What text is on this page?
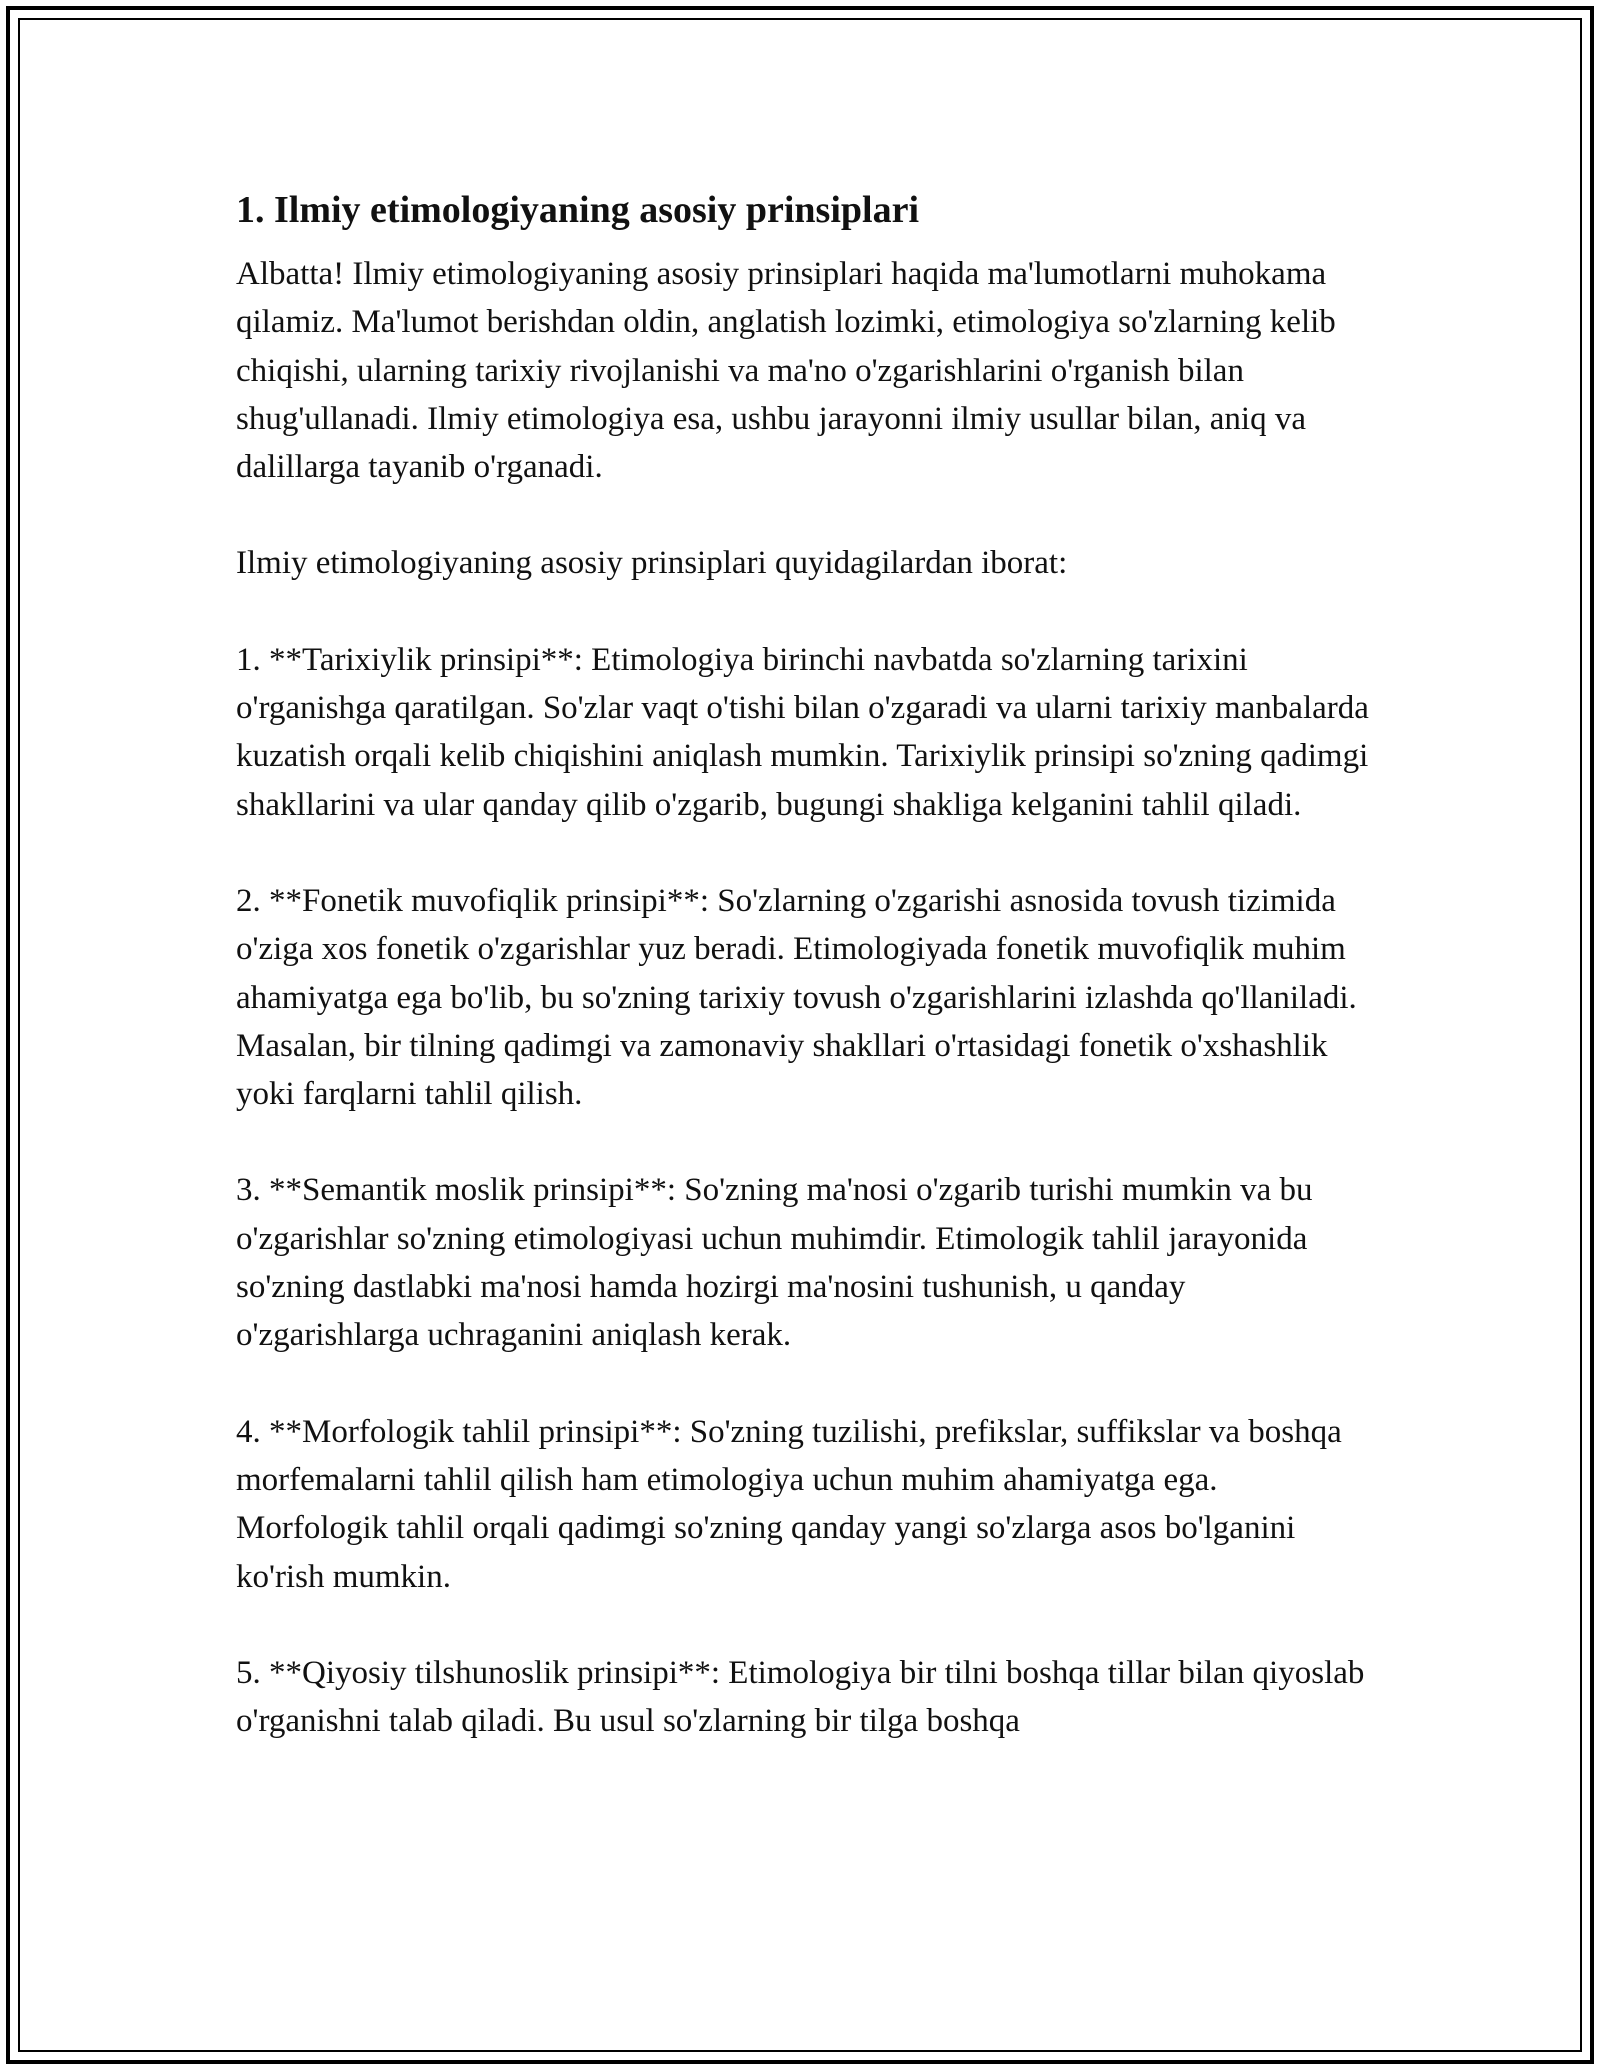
1. Ilmiy etimologiyaning asosiy prinsiplari

Albatta! Ilmiy etimologiyaning asosiy prinsiplari haqida ma'lumotlarni muhokama qilamiz. Ma'lumot berishdan oldin, anglatish lozimki, etimologiya so'zlarning kelib chiqishi, ularning tarixiy rivojlanishi va ma'no o'zgarishlarini o'rganish bilan shug'ullanadi. Ilmiy etimologiya esa, ushbu jarayonni ilmiy usullar bilan, aniq va dalillarga tayanib o'rganadi.

Ilmiy etimologiyaning asosiy prinsiplari quyidagilardan iborat:

1. **Tarixiylik prinsipi**: Etimologiya birinchi navbatda so'zlarning tarixini o'rganishga qaratilgan. So'zlar vaqt o'tishi bilan o'zgaradi va ularni tarixiy manbalarda kuzatish orqali kelib chiqishini aniqlash mumkin. Tarixiylik prinsipi so'zning qadimgi shakllarini va ular qanday qilib o'zgarib, bugungi shakliga kelganini tahlil qiladi.

2. **Fonetik muvofiqlik prinsipi**: So'zlarning o'zgarishi asnosida tovush tizimida o'ziga xos fonetik o'zgarishlar yuz beradi. Etimologiyada fonetik muvofiqlik muhim ahamiyatga ega bo'lib, bu so'zning tarixiy tovush o'zgarishlarini izlashda qo'llaniladi. Masalan, bir tilning qadimgi va zamonaviy shakllari o'rtasidagi fonetik o'xshashlik yoki farqlarni tahlil qilish.

3. **Semantik moslik prinsipi**: So'zning ma'nosi o'zgarib turishi mumkin va bu o'zgarishlar so'zning etimologiyasi uchun muhimdir. Etimologik tahlil jarayonida so'zning dastlabki ma'nosi hamda hozirgi ma'nosini tushunish, u qanday o'zgarishlarga uchraganini aniqlash kerak.

4. **Morfologik tahlil prinsipi**: So'zning tuzilishi, prefikslar, suffikslar va boshqa morfemalarni tahlil qilish ham etimologiya uchun muhim ahamiyatga ega. Morfologik tahlil orqali qadimgi so'zning qanday yangi so'zlarga asos bo'lganini ko'rish mumkin.

5. **Qiyosiy tilshunoslik prinsipi**: Etimologiya bir tilni boshqa tillar bilan qiyoslab o'rganishni talab qiladi. Bu usul so'zlarning bir tilga boshqa
